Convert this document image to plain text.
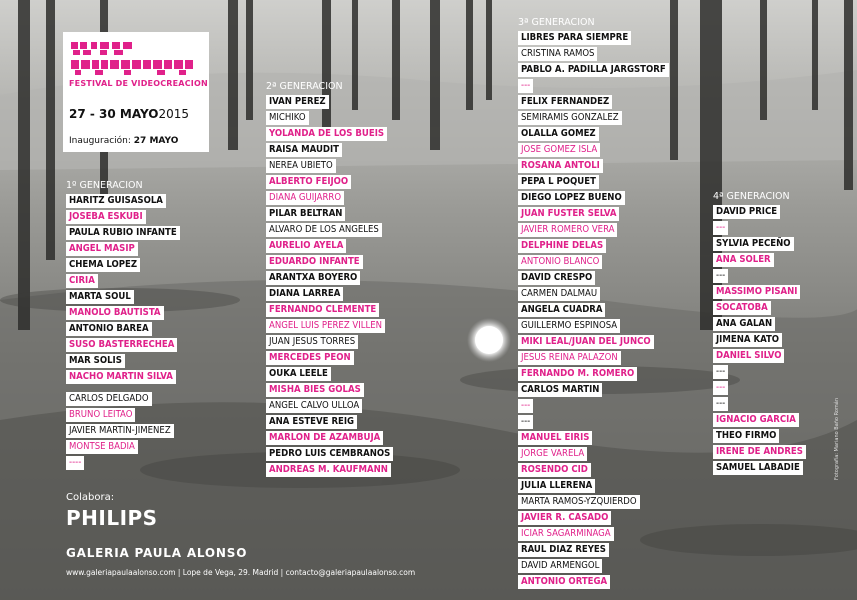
FESTIVAL DE VIDEOCREACION
27 - 30 MAYO2015
Inauguración: 27 MAYO
1º GENERACION
HARITZ GUISASOLA
JOSEBA ESKUBI
PAULA RUBIO INFANTE
ANGEL MASIP
CHEMA LOPEZ
CIRIA
MARTA SOUL
MANOLO BAUTISTA
ANTONIO BAREA
SUSO BASTERRECHEA
MAR SOLIS
NACHO MARTIN SILVA
CARLOS DELGADO
BRUNO LEITAO
JAVIER MARTIN-JIMENEZ
MONTSE BADIA
----
2ª GENERACION
IVAN PEREZ
MICHIKO
YOLANDA DE LOS BUEIS
RAISA MAUDIT
NEREA UBIETO
ALBERTO FEIJOO
DIANA GUIJARRO
PILAR BELTRAN
ALVARO DE LOS ANGELES
AURELIO AYELA
EDUARDO INFANTE
ARANTXA BOYERO
DIANA LARREA
FERNANDO CLEMENTE
ANGEL LUIS PEREZ VILLEN
JUAN JESUS TORRES
MERCEDES PEON
OUKA LEELE
MISHA BIES GOLAS
ANGEL CALVO ULLOA
ANA ESTEVE REIG
MARLON DE AZAMBUJA
PEDRO LUIS CEMBRANOS
ANDREAS M. KAUFMANN
3ª GENERACION
LIBRES PARA SIEMPRE
CRISTINA RAMOS
PABLO A. PADILLA JARGSTORF
---
FELIX FERNANDEZ
SEMIRAMIS GONZALEZ
OLALLA GOMEZ
JOSE GOMEZ ISLA
ROSANA ANTOLI
PEPA L POQUET
DIEGO LOPEZ BUENO
JUAN FUSTER SELVA
JAVIER ROMERO VERA
DELPHINE DELAS
ANTONIO BLANCO
DAVID CRESPO
CARMEN DALMAU
ANGELA CUADRA
GUILLERMO ESPINOSA
MIKI LEAL/JUAN DEL JUNCO
JESUS REINA PALAZON
FERNANDO M. ROMERO
CARLOS MARTIN
---
---
MANUEL EIRIS
JORGE VARELA
ROSENDO CID
JULIA LLERENA
MARTA RAMOS-YZQUIERDO
JAVIER R. CASADO
ICIAR SAGARMINAGA
RAUL DIAZ REYES
DAVID ARMENGOL
ANTONIO ORTEGA
4ª GENERACION
DAVID PRICE
---
SYLVIA PECEÑO
ANA SOLER
---
MASSIMO PISANI
SOCATOBA
ANA GALAN
JIMENA KATO
DANIEL SILVO
---
---
---
IGNACIO GARCIA
THEO FIRMO
IRENE DE ANDRES
SAMUEL LABADIE
Colabora:
PHILIPS
GALERIA PAULA ALONSO
www.galeriapaulaalonso.com | Lope de Vega, 29. Madrid | contacto@galeriapaulaalonso.com
Fotografía: Mariano Baño Román
